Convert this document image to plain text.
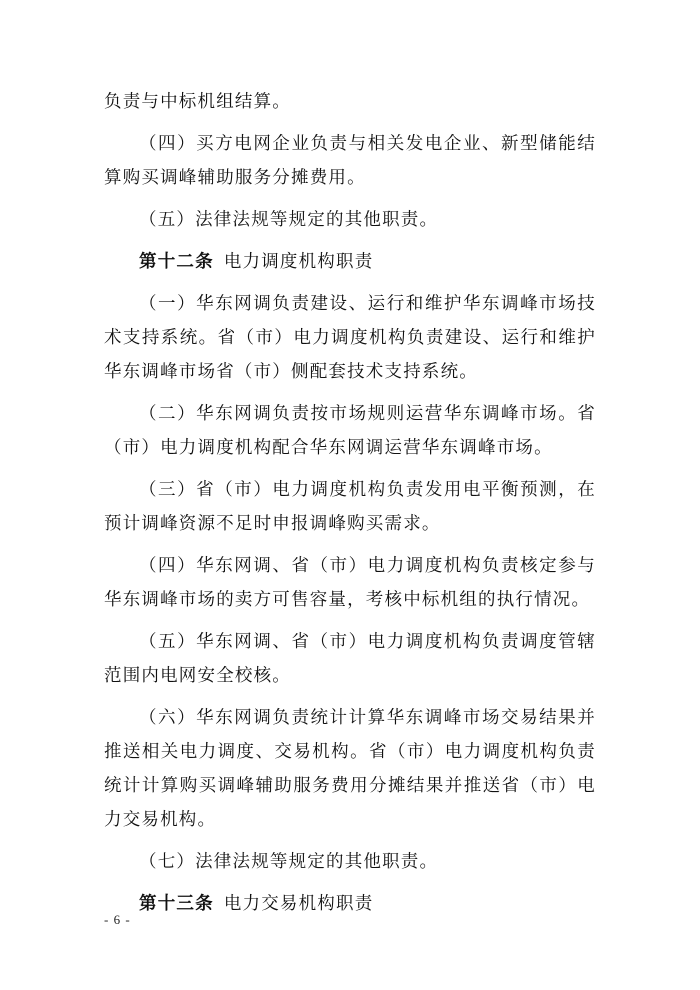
负责与中标机组结算。

（四）买方电网企业负责与相关发电企业、新型储能结算购买调峰辅助服务分摊费用。

（五）法律法规等规定的其他职责。

第十二条 电力调度机构职责

（一）华东网调负责建设、运行和维护华东调峰市场技术支持系统。省（市）电力调度机构负责建设、运行和维护华东调峰市场省（市）侧配套技术支持系统。

（二）华东网调负责按市场规则运营华东调峰市场。省（市）电力调度机构配合华东网调运营华东调峰市场。

（三）省（市）电力调度机构负责发用电平衡预测，在预计调峰资源不足时申报调峰购买需求。

（四）华东网调、省（市）电力调度机构负责核定参与华东调峰市场的卖方可售容量，考核中标机组的执行情况。

（五）华东网调、省（市）电力调度机构负责调度管辖范围内电网安全校核。

（六）华东网调负责统计计算华东调峰市场交易结果并推送相关电力调度、交易机构。省（市）电力调度机构负责统计计算购买调峰辅助服务费用分摊结果并推送省（市）电力交易机构。

（七）法律法规等规定的其他职责。

第十三条 电力交易机构职责

- 6 -
